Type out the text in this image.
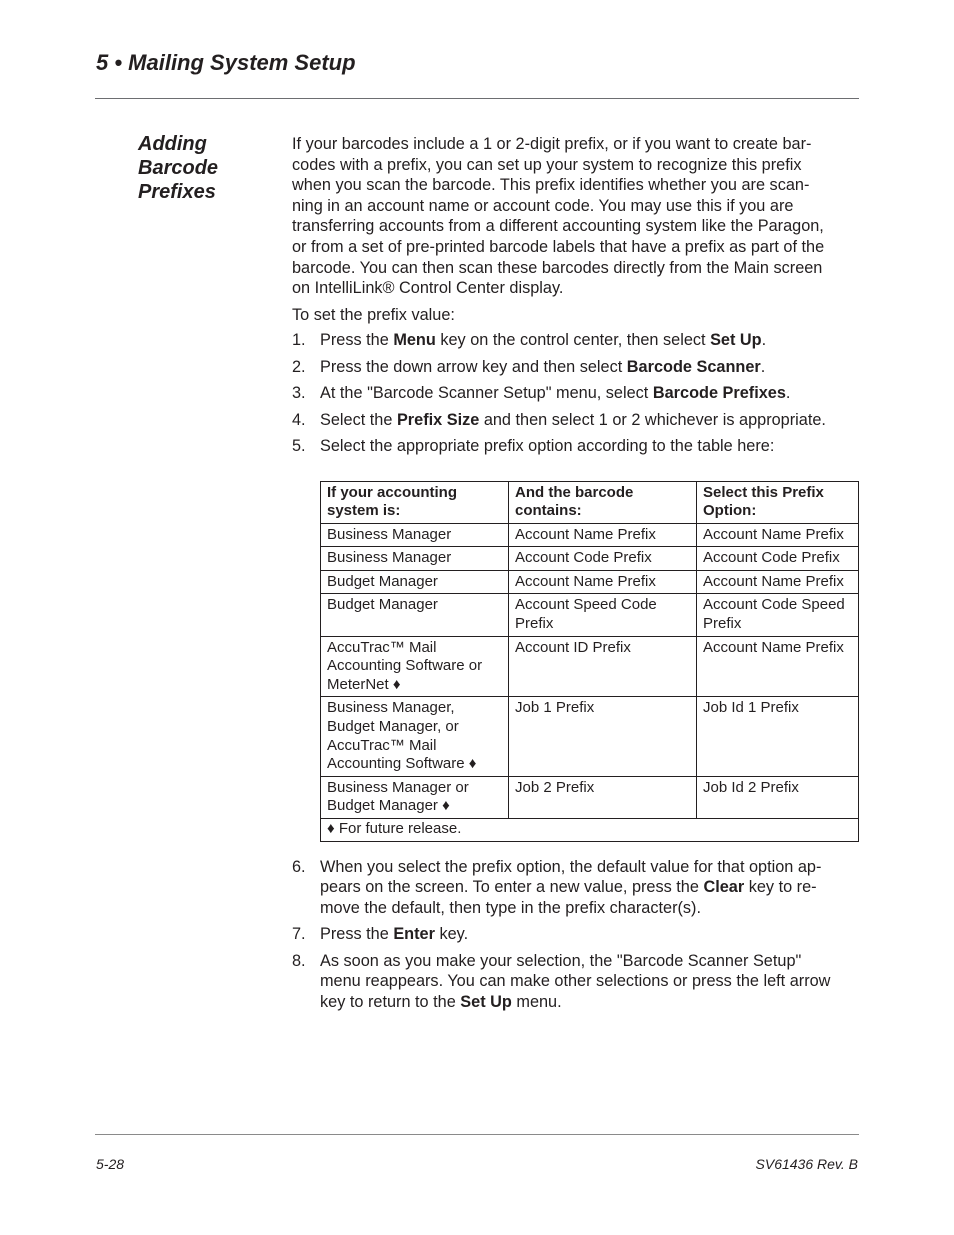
5 • Mailing System Setup
Adding
Barcode
Prefixes

If your barcodes include a 1 or 2-digit prefix, or if you want to create bar-
codes with a prefix, you can set up your system to recognize this prefix
when you scan the barcode. This prefix identifies whether you are scan-
ning in an account name or account code. You may use this if you are
transferring accounts from a different accounting system like the Paragon,
or from a set of pre-printed barcode labels that have a prefix as part of the
barcode. You can then scan these barcodes directly from the Main screen
on IntelliLink® Control Center display.

To set the prefix value:

1. Press the Menu key on the control center, then select Set Up.
2. Press the down arrow key and then select Barcode Scanner.
3. At the "Barcode Scanner Setup" menu, select Barcode Prefixes.
4. Select the Prefix Size and then select 1 or 2 whichever is appropriate.
5. Select the appropriate prefix option according to the table here:
If your accounting system is:	And the barcode contains:	Select this Prefix Option:
Business Manager	Account Name Prefix	Account Name Prefix
Business Manager	Account Code Prefix	Account Code Prefix
Budget Manager	Account Name Prefix	Account Name Prefix
Budget Manager	Account Speed Code Prefix	Account Code Speed Prefix
AccuTrac™ Mail Accounting Software or MeterNet ♦	Account ID Prefix	Account Name Prefix
Business Manager, Budget Manager, or AccuTrac™ Mail Accounting Software ♦	Job 1 Prefix	Job Id 1 Prefix
Business Manager or Budget Manager ♦	Job 2 Prefix	Job Id 2 Prefix
♦ For future release.		
6. When you select the prefix option, the default value for that option ap-
pears on the screen. To enter a new value, press the Clear key to re-
move the default, then type in the prefix character(s).
7. Press the Enter key.
8. As soon as you make your selection, the "Barcode Scanner Setup"
menu reappears. You can make other selections or press the left arrow
key to return to the Set Up menu.
5-28	SV61436 Rev. B
